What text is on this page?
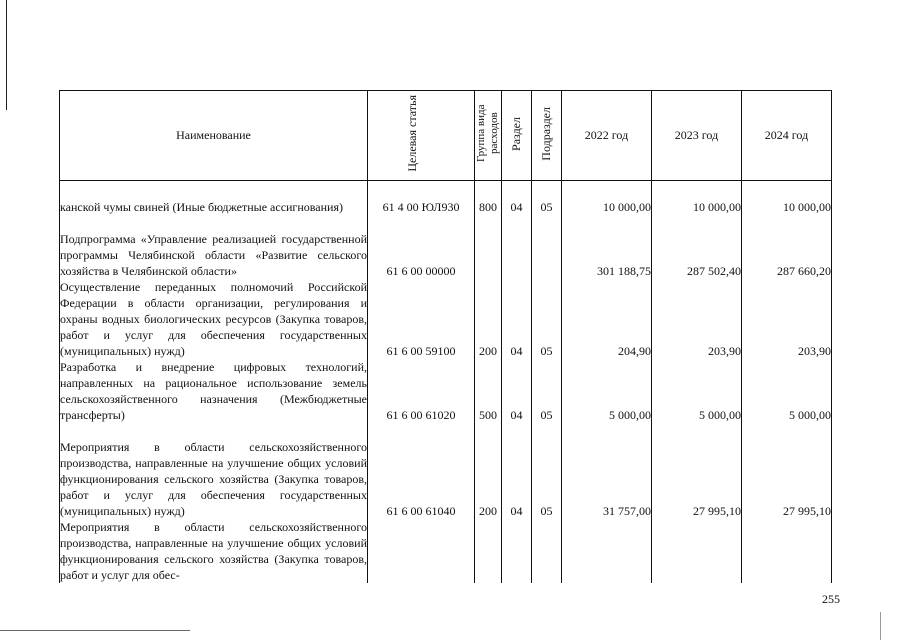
Наименование	Целевая статья	Группа вида расходов	Раздел	Подраздел	2022 год	2023 год	2024 год
канской чумы свиней (Иные бюджетные ассигнования)	61 4 00 ЮЛ930	800	04	05	10 000,00	10 000,00	10 000,00
Подпрограмма «Управление реализацией государственной программы Челябинской области «Развитие сельского хозяйства в Челябинской области»	61 6 00 00000				301 188,75	287 502,40	287 660,20
Осуществление переданных полномочий Российской Федерации в области организации, регулирования и охраны водных биологических ресурсов (Закупка товаров, работ и услуг для обеспечения государственных (муниципальных) нужд)	61 6 00 59100	200	04	05	204,90	203,90	203,90
Разработка и внедрение цифровых технологий, направленных на рациональное использование земель сельскохозяйственного назначения (Межбюджетные трансферты)	61 6 00 61020	500	04	05	5 000,00	5 000,00	5 000,00
Мероприятия в области сельскохозяйственного производства, направленные на улучшение общих условий функционирования сельского хозяйства (Закупка товаров, работ и услуг для обеспечения государственных (муниципальных) нужд)	61 6 00 61040	200	04	05	31 757,00	27 995,10	27 995,10
Мероприятия в области сельскохозяйственного производства, направленные на улучшение общих условий функционирования сельского хозяйства (Закупка товаров, работ и услуг для обес-							
255
